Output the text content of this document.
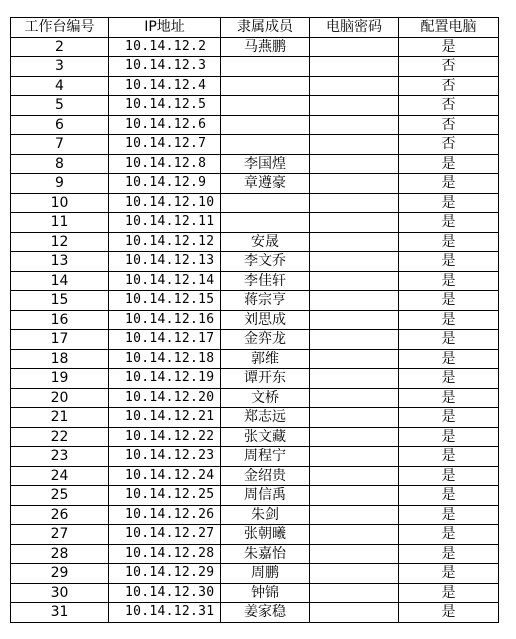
工作台编号	IP地址	隶属成员	电脑密码	配置电脑
2	10.14.12.2	马燕鹏		是
3	10.14.12.3			否
4	10.14.12.4			否
5	10.14.12.5			否
6	10.14.12.6			否
7	10.14.12.7			否
8	10.14.12.8	李国煌		是
9	10.14.12.9	章遵豪		是
10	10.14.12.10			是
11	10.14.12.11			是
12	10.14.12.12	安晟		是
13	10.14.12.13	李文乔		是
14	10.14.12.14	李佳轩		是
15	10.14.12.15	蒋宗亨		是
16	10.14.12.16	刘思成		是
17	10.14.12.17	金弈龙		是
18	10.14.12.18	郭维		是
19	10.14.12.19	谭开东		是
20	10.14.12.20	文桥		是
21	10.14.12.21	郑志远		是
22	10.14.12.22	张文藏		是
23	10.14.12.23	周程宁		是
24	10.14.12.24	金绍贵		是
25	10.14.12.25	周信禹		是
26	10.14.12.26	朱剑		是
27	10.14.12.27	张朝曦		是
28	10.14.12.28	朱嘉怡		是
29	10.14.12.29	周鹏		是
30	10.14.12.30	钟锦		是
31	10.14.12.31	姜家稳		是
